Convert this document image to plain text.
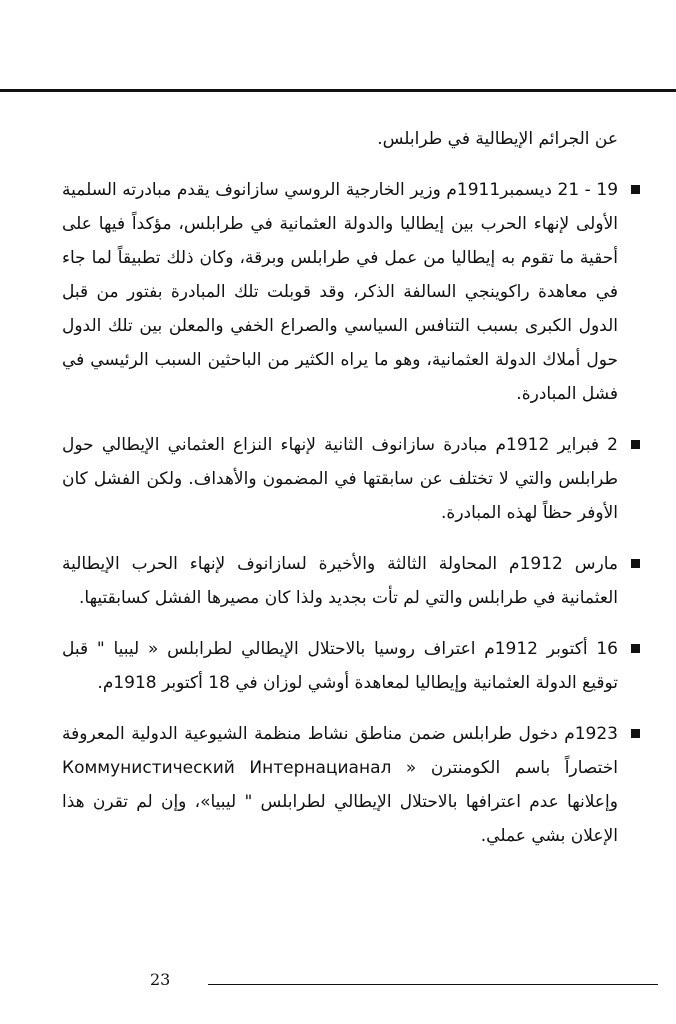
عن الجرائم الإيطالية في طرابلس.

19 - 21 ديسمبر1911م وزير الخارجية الروسي سازانوف يقدم مبادرته السلمية الأولى لإنهاء الحرب بين إيطاليا والدولة العثمانية في طرابلس، مؤكداً فيها على أحقية ما تقوم به إيطاليا من عمل في طرابلس وبرقة، وكان ذلك تطبيقاً لما جاء في معاهدة راكوينجي السالفة الذكر، وقد قوبلت تلك المبادرة بفتور من قبل الدول الكبرى بسبب التنافس السياسي والصراع الخفي والمعلن بين تلك الدول حول أملاك الدولة العثمانية، وهو ما يراه الكثير من الباحثين السبب الرئيسي في فشل المبادرة.

2 فبراير 1912م مبادرة سازانوف الثانية لإنهاء النزاع العثماني الإيطالي حول طرابلس والتي لا تختلف عن سابقتها في المضمون والأهداف. ولكن الفشل كان الأوفر حظاً لهذه المبادرة.

مارس 1912م المحاولة الثالثة والأخيرة لسازانوف لإنهاء الحرب الإيطالية العثمانية في طرابلس والتي لم تأت بجديد ولذا كان مصيرها الفشل كسابقتيها.

16 أكتوبر 1912م اعتراف روسيا بالاحتلال الإيطالي لطرابلس « ليبيا " قبل توقيع الدولة العثمانية وإيطاليا لمعاهدة أوشي لوزان في 18 أكتوبر 1918م.

1923م دخول طرابلس ضمن مناطق نشاط منظمة الشيوعية الدولية المعروفة اختصاراً باسم الكومنترن « Коммунистический Интернацианал وإعلانها عدم اعترافها بالاحتلال الإيطالي لطرابلس " ليبيا»، وإن لم تقرن هذا الإعلان بشي عملي.

23
